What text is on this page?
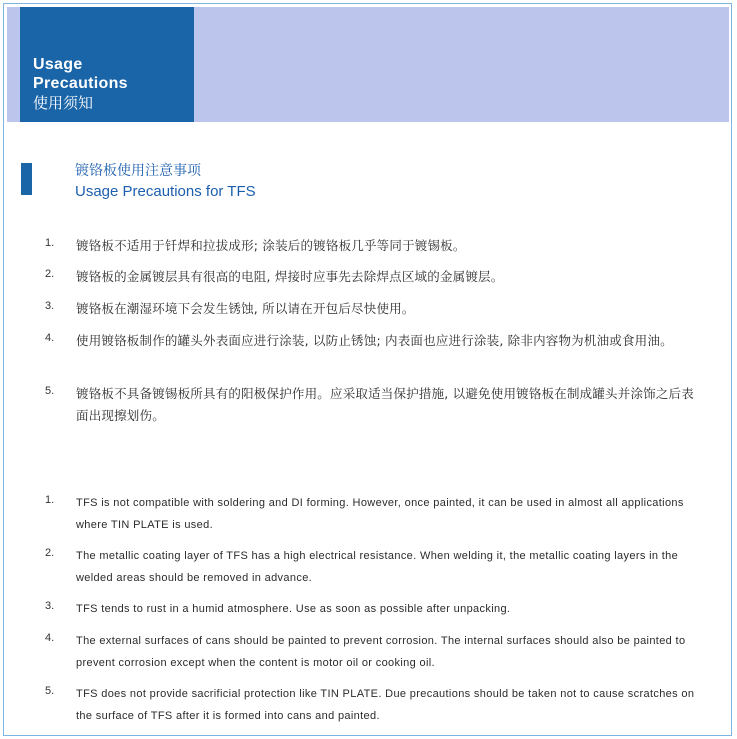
Usage
Precautions
使用须知
镀铬板使用注意事项
Usage Precautions for TFS
1. 镀铬板不适用于钎焊和拉拔成形; 涂装后的镀铬板几乎等同于镀锡板。
2. 镀铬板的金属镀层具有很高的电阻, 焊接时应事先去除焊点区域的金属镀层。
3. 镀铬板在潮湿环境下会发生锈蚀, 所以请在开包后尽快使用。
4. 使用镀铬板制作的罐头外表面应进行涂装, 以防止锈蚀; 内表面也应进行涂装, 除非内容物为机油或食用油。
5. 镀铬板不具备镀锡板所具有的阳极保护作用。应采取适当保护措施, 以避免使用镀铬板在制成罐头并涂饰之后表面出现擦划伤。
1. TFS is not compatible with soldering and DI forming. However, once painted, it can be used in almost all applications where TIN PLATE is used.
2. The metallic coating layer of TFS has a high electrical resistance. When welding it, the metallic coating layers in the welded areas should be removed in advance.
3. TFS tends to rust in a humid atmosphere. Use as soon as possible after unpacking.
4. The external surfaces of cans should be painted to prevent corrosion. The internal surfaces should also be painted to prevent corrosion except when the content is motor oil or cooking oil.
5. TFS does not provide sacrificial protection like TIN PLATE. Due precautions should be taken not to cause scratches on the surface of TFS after it is formed into cans and painted.
